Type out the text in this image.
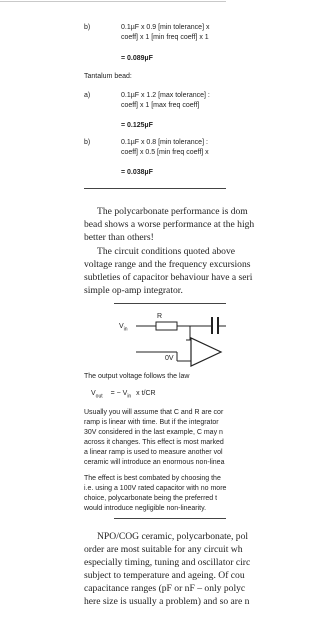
b)	0.1µF x 0.9 [min tolerance] x
coeff] x 1 [min freq coeff] x 1
= 0.089µF
Tantalum bead:
a)	0.1µF x 1.2 [max tolerance] :
coeff] x 1 [max freq coeff]
= 0.125µF
b)	0.1µF x 0.8 [min tolerance] :
coeff] x 0.5 [min freq coeff] x
= 0.038µF
The polycarbonate performance is dom
bead shows a worse performance at the high
better than others!
The circuit conditions quoted above
voltage range and the frequency excursions
subtleties of capacitor behaviour have a seri
simple op-amp integrator.
R
$V_{in}$
0V
The output voltage follows the law
$V_{out}$ = − $V_{in}$ x t/CR
Usually you will assume that C and R are cor
ramp is linear with time. But if the integrator
30V considered in the last example, C may n
across it changes. This effect is most marked
a linear ramp is used to measure another vol
ceramic will introduce an enormous non-linea
The effect is best combated by choosing the
i.e. using a 100V rated capacitor with no more
choice, polycarbonate being the preferred t
would introduce negligible non-linearity.
NPO/COG ceramic, polycarbonate, pol
order are most suitable for any circuit wh
especially timing, tuning and oscillator circ
subject to temperature and ageing. Of cou
capacitance ranges (pF or nF – only polyc
here size is usually a problem) and so are n
